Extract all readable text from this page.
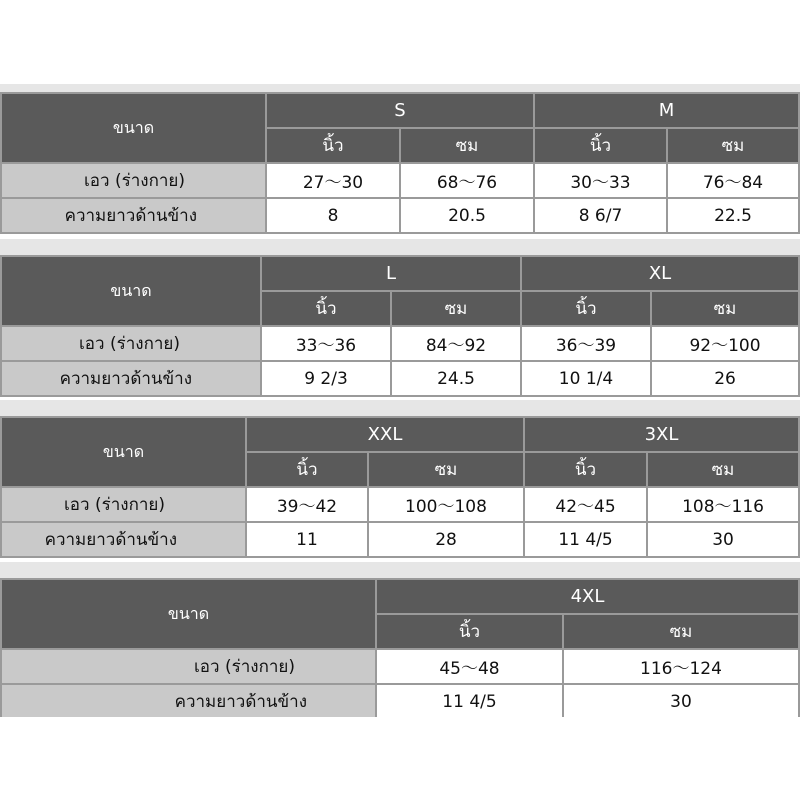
ขนาด	S		M	
	นิ้ว	ซม	นิ้ว	ซม
เอว (ร่างกาย)	27〜30	68〜76	30〜33	76〜84
ความยาวด้านข้าง	8	20.5	8 6/7	22.5
ขนาด	L		XL	
	นิ้ว	ซม	นิ้ว	ซม
เอว (ร่างกาย)	33〜36	84〜92	36〜39	92〜100
ความยาวด้านข้าง	9 2/3	24.5	10 1/4	26
ขนาด	XXL		3XL	
	นิ้ว	ซม	นิ้ว	ซม
เอว (ร่างกาย)	39〜42	100〜108	42〜45	108〜116
ความยาวด้านข้าง	11	28	11 4/5	30
ขนาด	4XL	
	นิ้ว	ซม
เอว (ร่างกาย)	45〜48	116〜124
ความยาวด้านข้าง	11 4/5	30
